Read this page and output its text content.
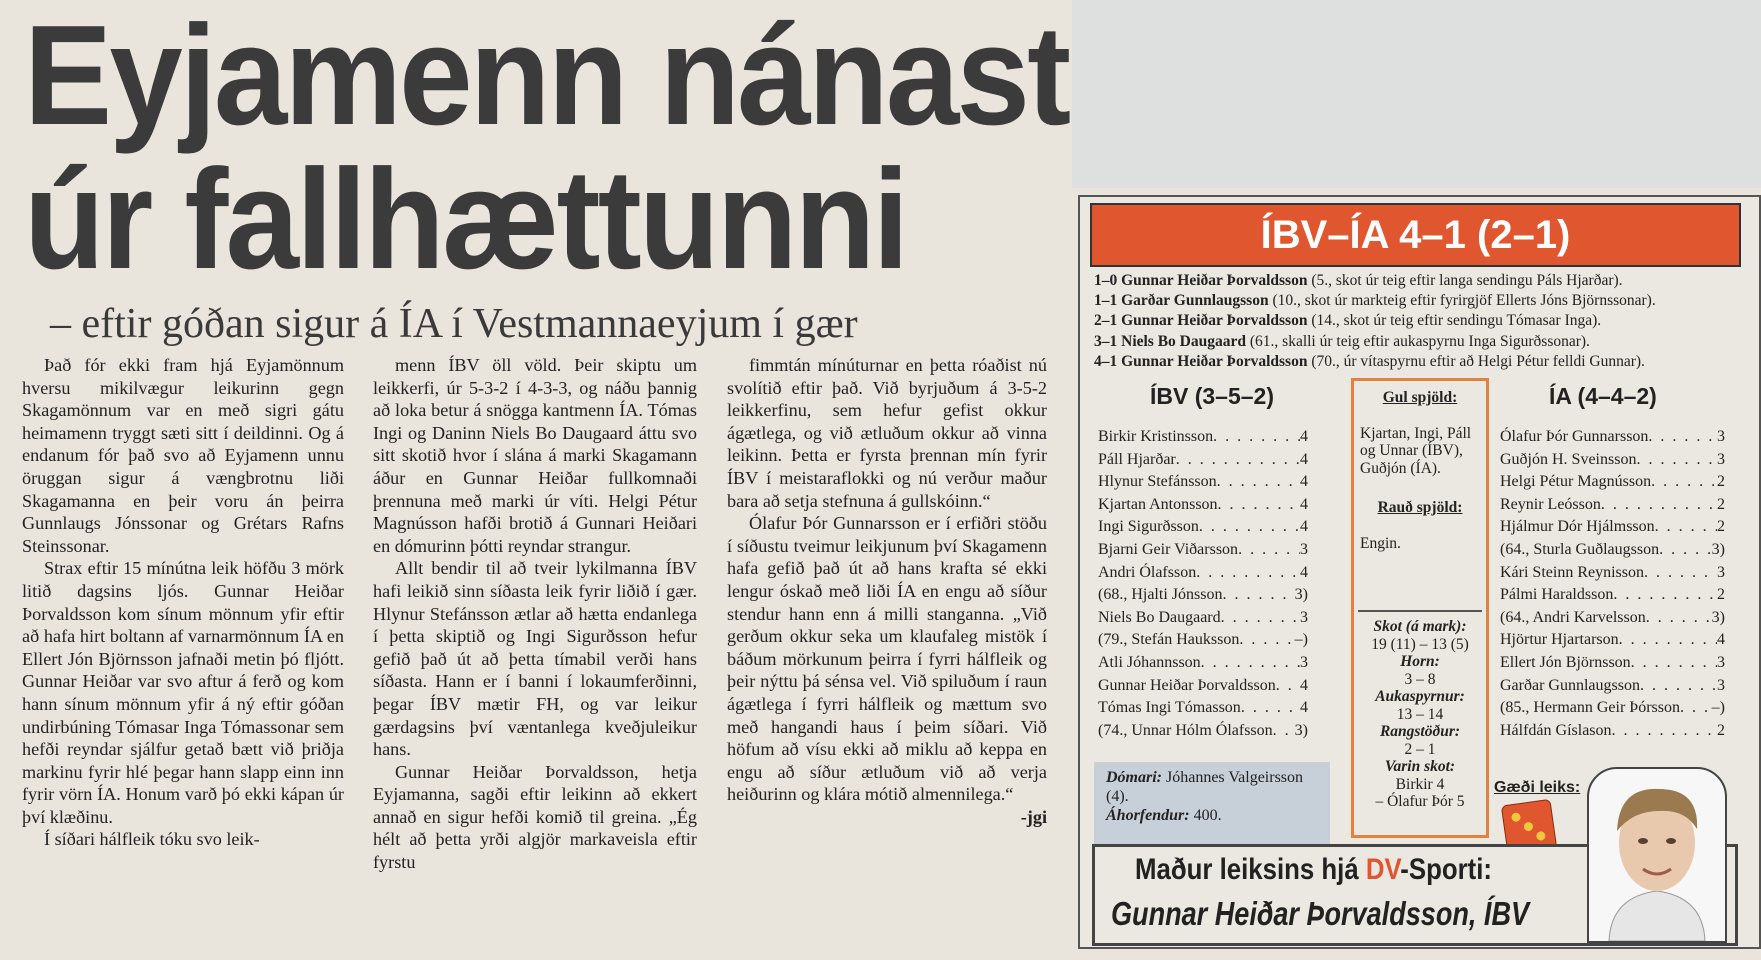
Eyjamenn nánast
úr fallhættunni
– eftir góðan sigur á ÍA í Vestmannaeyjum í gær

Það fór ekki fram hjá Eyjamönnum hversu mikilvægur leikurinn gegn Skagamönnum var en með sigri gátu heimamenn tryggt sæti sitt í deildinni. Og á endanum fór það svo að Eyjamenn unnu öruggan sigur á vængbrotnu liði Skagamanna en þeir voru án þeirra Gunnlaugs Jónssonar og Grétars Rafns Steinssonar.

Strax eftir 15 mínútna leik höfðu 3 mörk litið dagsins ljós. Gunnar Heiðar Þorvaldsson kom sínum mönnum yfir eftir að hafa hirt boltann af varnarmönnum ÍA en Ellert Jón Björnsson jafnaði metin þó fljótt. Gunnar Heiðar var svo aftur á ferð og kom hann sínum mönnum yfir á ný eftir góðan undirbúning Tómasar Inga Tómassonar sem hefði reyndar sjálfur getað bætt við þriðja markinu fyrir hlé þegar hann slapp einn inn fyrir vörn ÍA. Honum varð þó ekki kápan úr því klæðinu.

Í síðari hálfleik tóku svo leik-

menn ÍBV öll völd. Þeir skiptu um leikkerfi, úr 5-3-2 í 4-3-3, og náðu þannig að loka betur á snögga kantmenn ÍA. Tómas Ingi og Daninn Niels Bo Daugaard áttu svo sitt skotið hvor í slána á marki Skagamann áður en Gunnar Heiðar fullkomnaði þrennuna með marki úr víti. Helgi Pétur Magnússon hafði brotið á Gunnari Heiðari en dómurinn þótti reyndar strangur.

Allt bendir til að tveir lykilmanna ÍBV hafi leikið sinn síðasta leik fyrir liðið í gær. Hlynur Stefánsson ætlar að hætta endanlega í þetta skiptið og Ingi Sigurðsson hefur gefið það út að þetta tímabil verði hans síðasta. Hann er í banni í lokaumferðinni, þegar ÍBV mætir FH, og var leikur gærdagsins því væntanlega kveðjuleikur hans.

Gunnar Heiðar Þorvaldsson, hetja Eyjamanna, sagði eftir leikinn að ekkert annað en sigur hefði komið til greina. „Ég hélt að þetta yrði algjör markaveisla eftir fyrstu

fimmtán mínúturnar en þetta róaðist nú svolítið eftir það. Við byrjuðum á 3-5-2 leikkerfinu, sem hefur gefist okkur ágætlega, og við ætluðum okkur að vinna leikinn. Þetta er fyrsta þrennan mín fyrir ÍBV í meistaraflokki og nú verður maður bara að setja stefnuna á gullskóinn.“

Ólafur Þór Gunnarsson er í erfiðri stöðu í síðustu tveimur leikjunum því Skagamenn hafa gefið það út að hans krafta sé ekki lengur óskað með liði ÍA en engu að síður stendur hann enn á milli stanganna. „Við gerðum okkur seka um klaufaleg mistök í báðum mörkunum þeirra í fyrri hálfleik og þeir nýttu þá sénsa vel. Við spiluðum í raun ágætlega í fyrri hálfleik og mættum svo með hangandi haus í þeim síðari. Við höfum að vísu ekki að miklu að keppa en engu að síður ætluðum við að verja heiðurinn og klára mótið almennilega.“
-jgi

ÍBV–ÍA 4–1 (2–1)
1–0 Gunnar Heiðar Þorvaldsson (5., skot úr teig eftir langa sendingu Páls Hjarðar).
1–1 Garðar Gunnlaugsson (10., skot úr markteig eftir fyrirgjöf Ellerts Jóns Björnssonar).
2–1 Gunnar Heiðar Þorvaldsson (14., skot úr teig eftir sendingu Tómasar Inga).
3–1 Niels Bo Daugaard (61., skalli úr teig eftir aukaspyrnu Inga Sigurðssonar).
4–1 Gunnar Heiðar Þorvaldsson (70., úr vítaspyrnu eftir að Helgi Pétur felldi Gunnar).
ÍBV (3–5–2)	ÍA (4–4–2)
Birkir Kristinsson . . .	4
Páll Hjarðar . . .	4
Hlynur Stefánsson . . .	4
Kjartan Antonsson . . .	4
Ingi Sigurðsson . . .	4
Bjarni Geir Viðarsson . . .	3
Andri Ólafsson . . .	4
(68., Hjalti Jónsson . . .	3)
Niels Bo Daugaard . . .	3
(79., Stefán Hauksson . . .	–)
Atli Jóhannsson . . .	3
Gunnar Heiðar Þorvaldsson . . . 4
Tómas Ingi Tómasson . . .	4
(74., Unnar Hólm Ólafsson . . . 3)
Ólafur Þór Gunnarsson . . .	3
Guðjón H. Sveinsson . . .	3
Helgi Pétur Magnússon . . .	2
Reynir Leósson . . .	2
Hjálmur Dór Hjálmsson . . .	2
(64., Sturla Guðlaugsson . . .	3)
Kári Steinn Reynisson . . .	3
Pálmi Haraldsson . . .	2
(64., Andri Karvelsson . . .	3)
Hjörtur Hjartarson . . .	4
Ellert Jón Björnsson . . .	3
Garðar Gunnlaugsson . . .	3
(85., Hermann Geir Þórsson . . . –)
Hálfdán Gíslason . . .	2
Gul spjöld:
Kjartan, Ingi, Páll og Unnar (ÍBV), Guðjón (ÍA).
Rauð spjöld:
Engin.
Skot (á mark):
19 (11) – 13 (5)
Horn:
3 – 8
Aukaspyrnur:
13 – 14
Rangstöður:
2 – 1
Varin skot:
Birkir 4
– Ólafur Þór 5
Dómari: Jóhannes Valgeirsson (4).
Áhorfendur: 400.
Gæði leiks:
Maður leiksins hjá DV-Sporti:
Gunnar Heiðar Þorvaldsson, ÍBV
